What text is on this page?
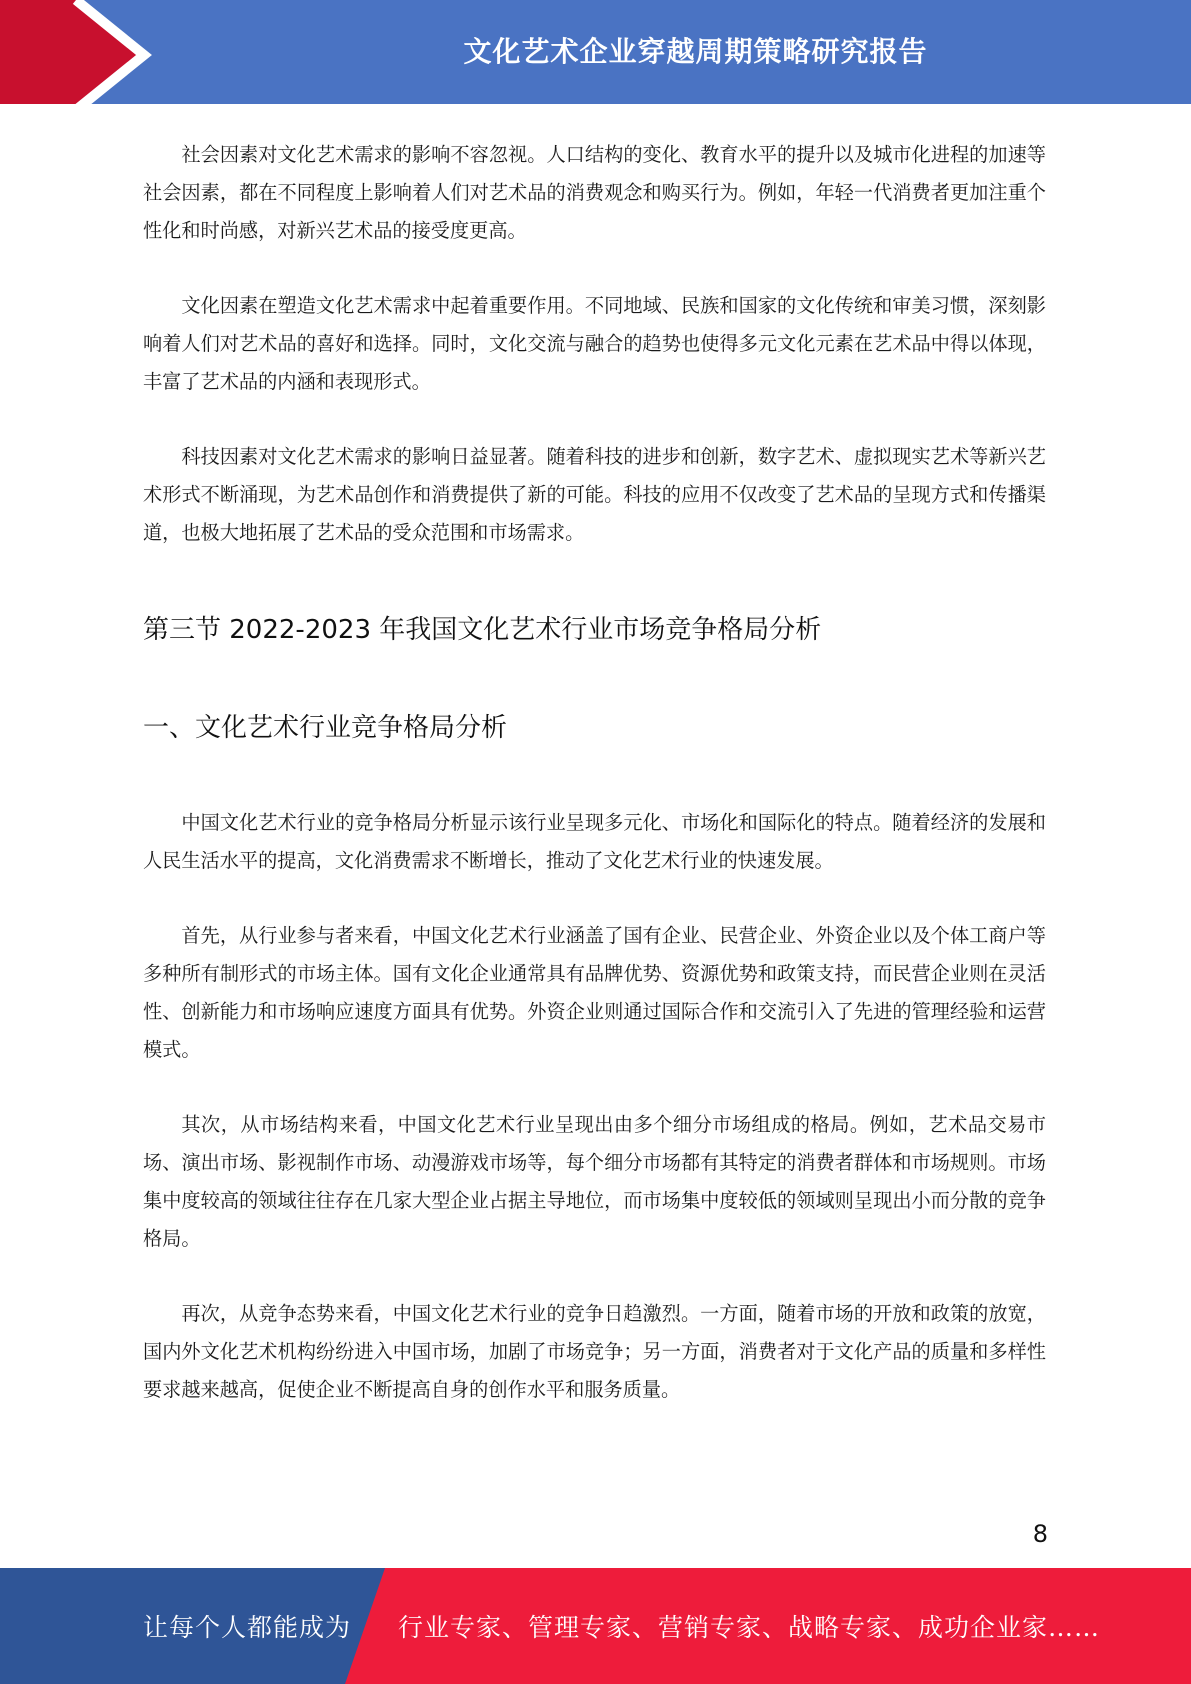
文化艺术企业穿越周期策略研究报告

社会因素对文化艺术需求的影响不容忽视。人口结构的变化、教育水平的提升以及城市化进程的加速等社会因素，都在不同程度上影响着人们对艺术品的消费观念和购买行为。例如，年轻一代消费者更加注重个性化和时尚感，对新兴艺术品的接受度更高。

文化因素在塑造文化艺术需求中起着重要作用。不同地域、民族和国家的文化传统和审美习惯，深刻影响着人们对艺术品的喜好和选择。同时，文化交流与融合的趋势也使得多元文化元素在艺术品中得以体现，丰富了艺术品的内涵和表现形式。

科技因素对文化艺术需求的影响日益显著。随着科技的进步和创新，数字艺术、虚拟现实艺术等新兴艺术形式不断涌现，为艺术品创作和消费提供了新的可能。科技的应用不仅改变了艺术品的呈现方式和传播渠道，也极大地拓展了艺术品的受众范围和市场需求。

第三节 2022-2023 年我国文化艺术行业市场竞争格局分析
一、文化艺术行业竞争格局分析

中国文化艺术行业的竞争格局分析显示该行业呈现多元化、市场化和国际化的特点。随着经济的发展和人民生活水平的提高，文化消费需求不断增长，推动了文化艺术行业的快速发展。

首先，从行业参与者来看，中国文化艺术行业涵盖了国有企业、民营企业、外资企业以及个体工商户等多种所有制形式的市场主体。国有文化企业通常具有品牌优势、资源优势和政策支持，而民营企业则在灵活性、创新能力和市场响应速度方面具有优势。外资企业则通过国际合作和交流引入了先进的管理经验和运营模式。

其次，从市场结构来看，中国文化艺术行业呈现出由多个细分市场组成的格局。例如，艺术品交易市场、演出市场、影视制作市场、动漫游戏市场等，每个细分市场都有其特定的消费者群体和市场规则。市场集中度较高的领域往往存在几家大型企业占据主导地位，而市场集中度较低的领域则呈现出小而分散的竞争格局。

再次，从竞争态势来看，中国文化艺术行业的竞争日趋激烈。一方面，随着市场的开放和政策的放宽，国内外文化艺术机构纷纷进入中国市场，加剧了市场竞争；另一方面，消费者对于文化产品的质量和多样性要求越来越高，促使企业不断提高自身的创作水平和服务质量。

8
让每个人都能成为 行业专家、管理专家、营销专家、战略专家、成功企业家……
